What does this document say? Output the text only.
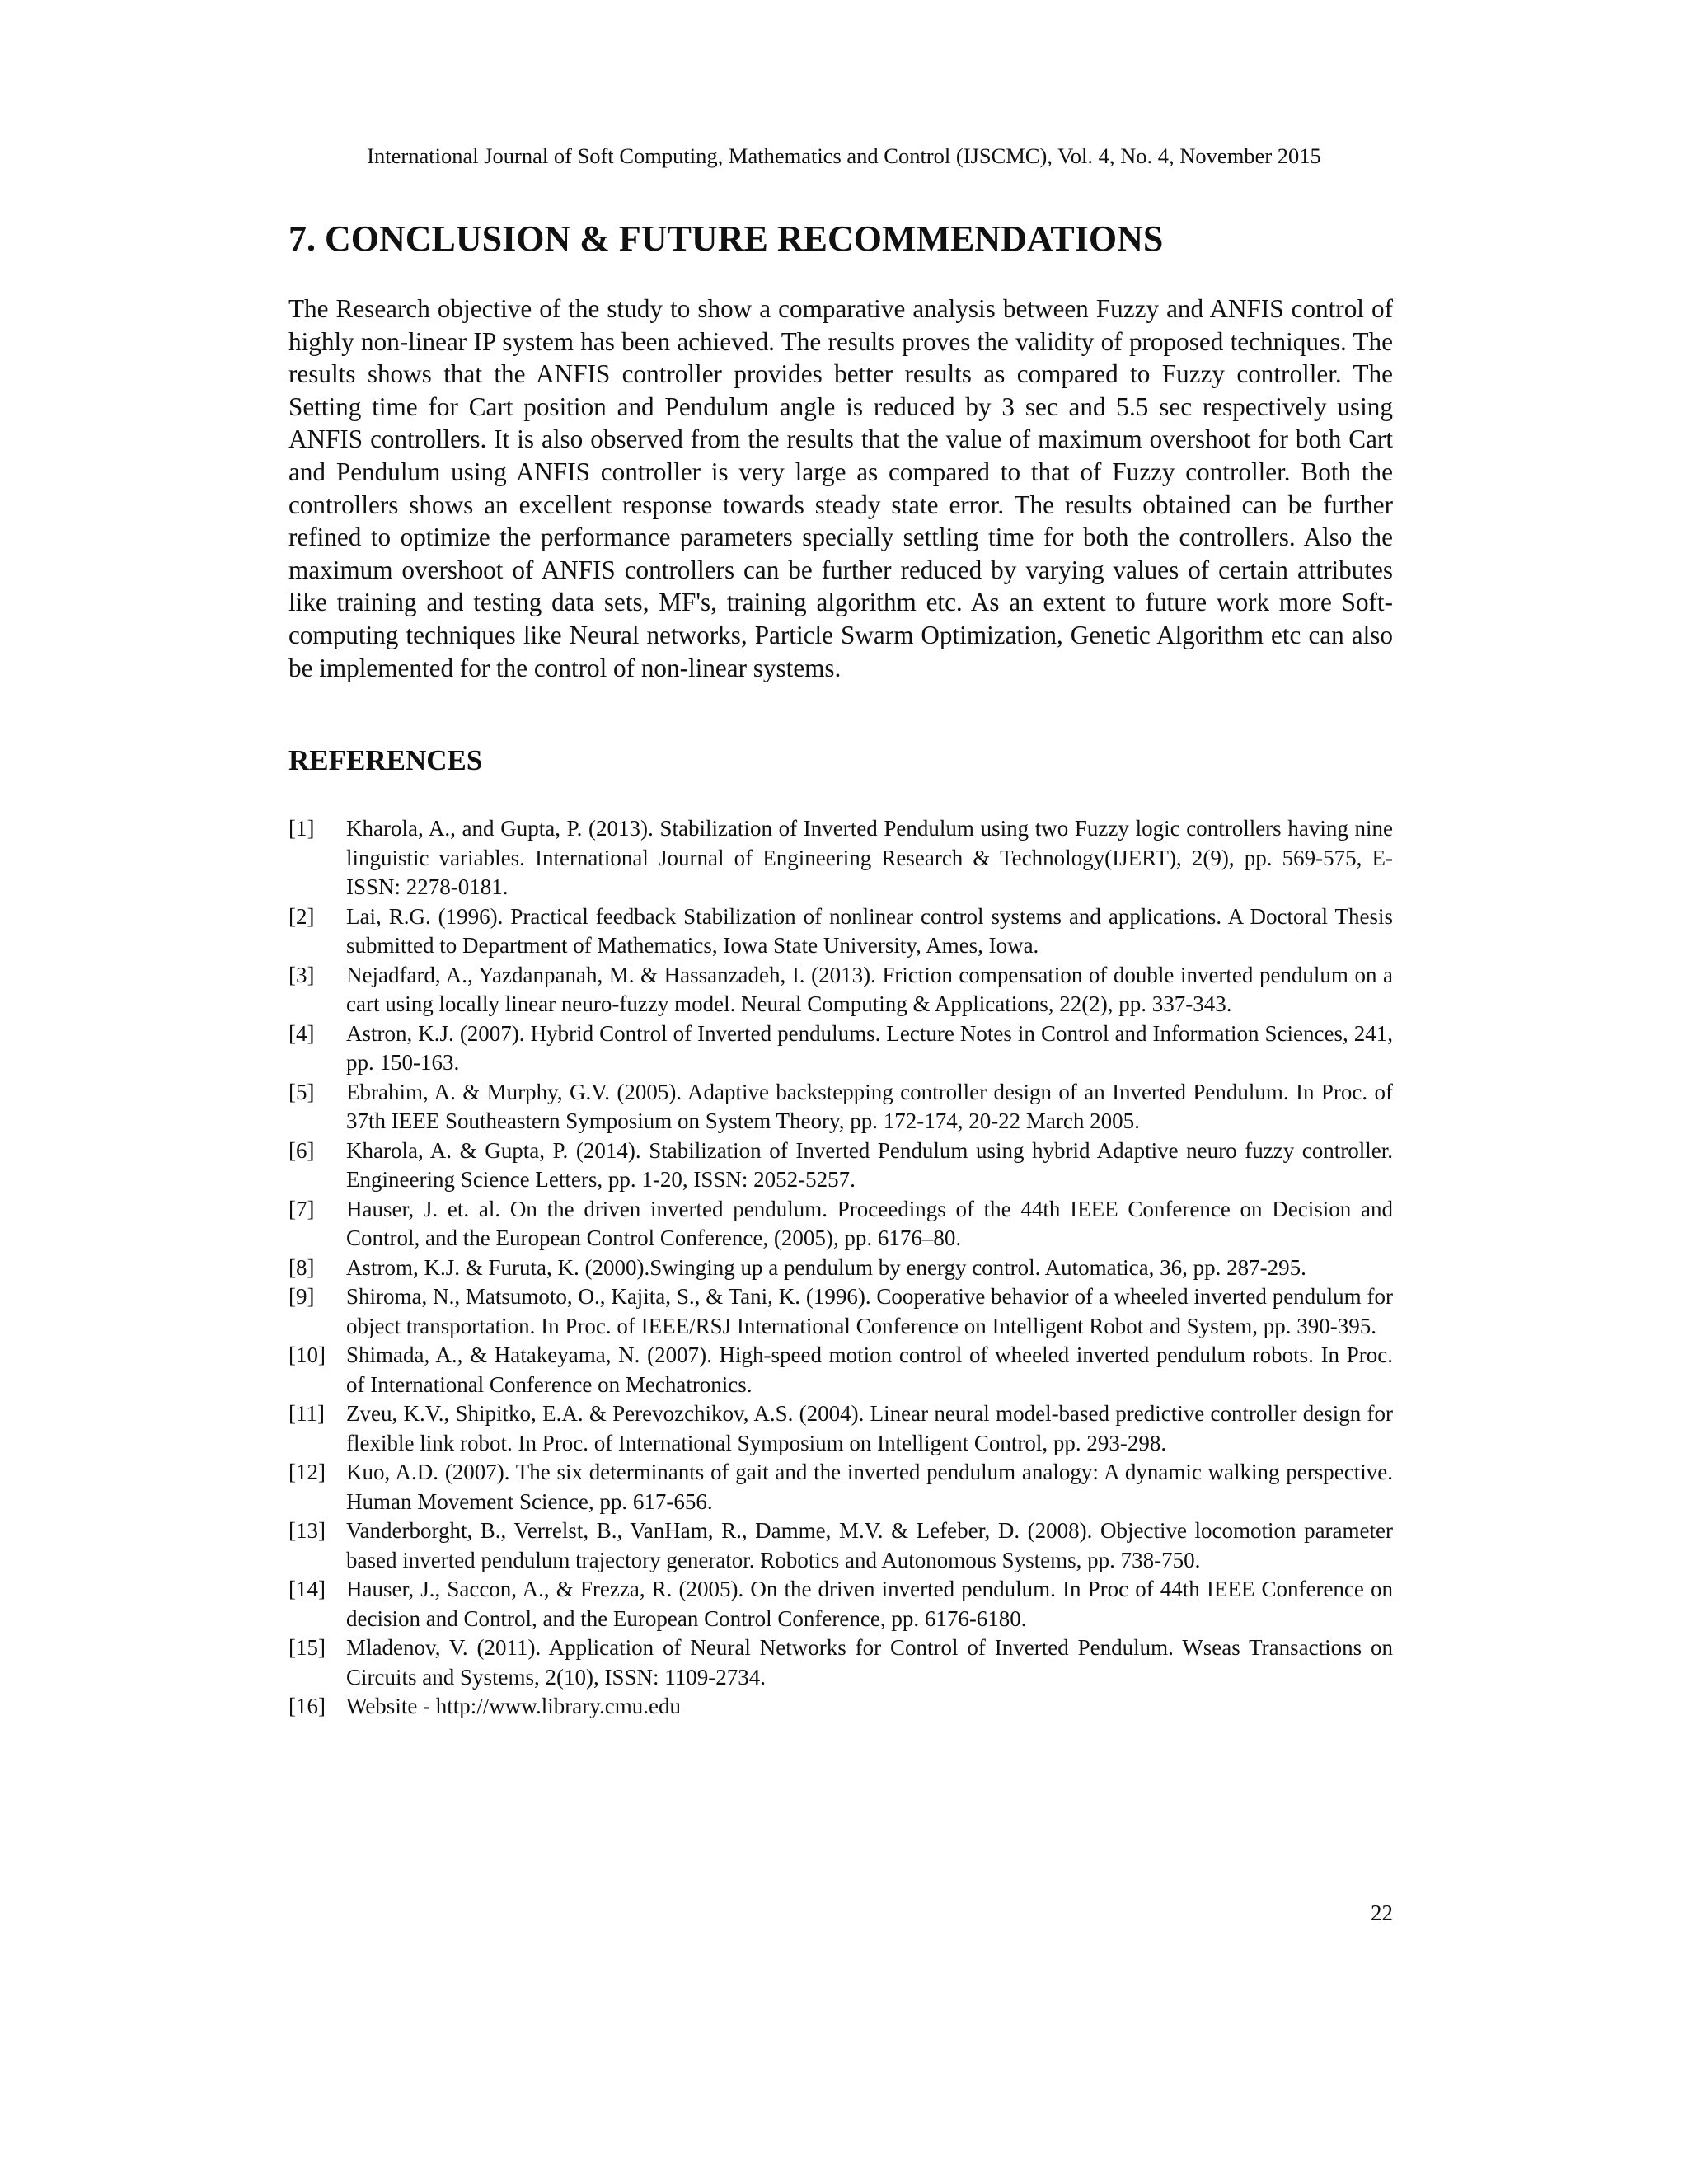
International Journal of Soft Computing, Mathematics and Control (IJSCMC), Vol. 4, No. 4, November 2015
7. CONCLUSION & FUTURE RECOMMENDATIONS

The Research objective of the study to show a comparative analysis between Fuzzy and ANFIS control of highly non-linear IP system has been achieved. The results proves the validity of proposed techniques. The results shows that the ANFIS controller provides better results as compared to Fuzzy controller. The Setting time for Cart position and Pendulum angle is reduced by 3 sec and 5.5 sec respectively using ANFIS controllers. It is also observed from the results that the value of maximum overshoot for both Cart and Pendulum using ANFIS controller is very large as compared to that of Fuzzy controller. Both the controllers shows an excellent response towards steady state error. The results obtained can be further refined to optimize the performance parameters specially settling time for both the controllers. Also the maximum overshoot of ANFIS controllers can be further reduced by varying values of certain attributes like training and testing data sets, MF's, training algorithm etc. As an extent to future work more Soft-computing techniques like Neural networks, Particle Swarm Optimization, Genetic Algorithm etc can also be implemented for the control of non-linear systems.

REFERENCES
[1] Kharola, A., and Gupta, P. (2013). Stabilization of Inverted Pendulum using two Fuzzy logic controllers having nine linguistic variables. International Journal of Engineering Research & Technology(IJERT), 2(9), pp. 569-575, E-ISSN: 2278-0181.
[2] Lai, R.G. (1996). Practical feedback Stabilization of nonlinear control systems and applications. A Doctoral Thesis submitted to Department of Mathematics, Iowa State University, Ames, Iowa.
[3] Nejadfard, A., Yazdanpanah, M. & Hassanzadeh, I. (2013). Friction compensation of double inverted pendulum on a cart using locally linear neuro-fuzzy model. Neural Computing & Applications, 22(2), pp. 337-343.
[4] Astron, K.J. (2007). Hybrid Control of Inverted pendulums. Lecture Notes in Control and Information Sciences, 241, pp. 150-163.
[5] Ebrahim, A. & Murphy, G.V. (2005). Adaptive backstepping controller design of an Inverted Pendulum. In Proc. of 37th IEEE Southeastern Symposium on System Theory, pp. 172-174, 20-22 March 2005.
[6] Kharola, A. & Gupta, P. (2014). Stabilization of Inverted Pendulum using hybrid Adaptive neuro fuzzy controller. Engineering Science Letters, pp. 1-20, ISSN: 2052-5257.
[7] Hauser, J. et. al. On the driven inverted pendulum. Proceedings of the 44th IEEE Conference on Decision and Control, and the European Control Conference, (2005), pp. 6176–80.
[8] Astrom, K.J. & Furuta, K. (2000).Swinging up a pendulum by energy control. Automatica, 36, pp. 287-295.
[9] Shiroma, N., Matsumoto, O., Kajita, S., & Tani, K. (1996). Cooperative behavior of a wheeled inverted pendulum for object transportation. In Proc. of IEEE/RSJ International Conference on Intelligent Robot and System, pp. 390-395.
[10] Shimada, A., & Hatakeyama, N. (2007). High-speed motion control of wheeled inverted pendulum robots. In Proc. of International Conference on Mechatronics.
[11] Zveu, K.V., Shipitko, E.A. & Perevozchikov, A.S. (2004). Linear neural model-based predictive controller design for flexible link robot. In Proc. of International Symposium on Intelligent Control, pp. 293-298.
[12] Kuo, A.D. (2007). The six determinants of gait and the inverted pendulum analogy: A dynamic walking perspective. Human Movement Science, pp. 617-656.
[13] Vanderborght, B., Verrelst, B., VanHam, R., Damme, M.V. & Lefeber, D. (2008). Objective locomotion parameter based inverted pendulum trajectory generator. Robotics and Autonomous Systems, pp. 738-750.
[14] Hauser, J., Saccon, A., & Frezza, R. (2005). On the driven inverted pendulum. In Proc of 44th IEEE Conference on decision and Control, and the European Control Conference, pp. 6176-6180.
[15] Mladenov, V. (2011). Application of Neural Networks for Control of Inverted Pendulum. Wseas Transactions on Circuits and Systems, 2(10), ISSN: 1109-2734.
[16] Website - http://www.library.cmu.edu
22
